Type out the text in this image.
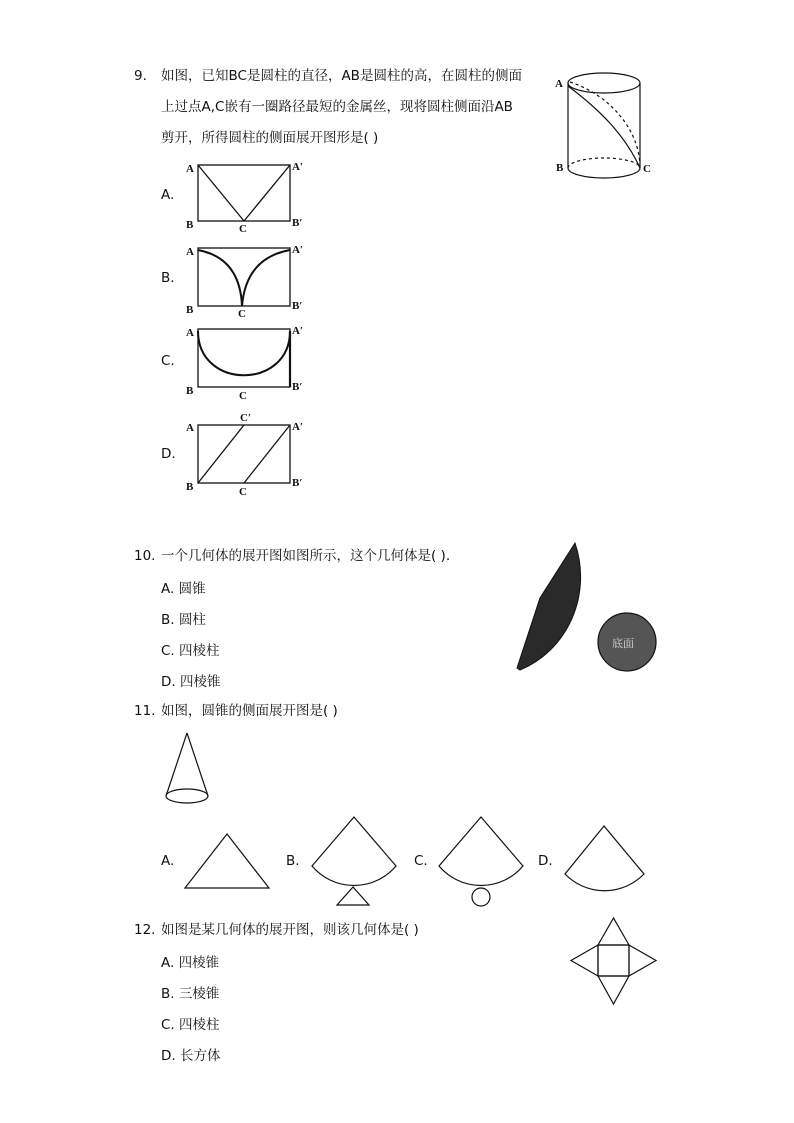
9. 如图，已知BC是圆柱的直径，AB是圆柱的高，在圆柱的侧面
上过点A,C嵌有一圈路径最短的金属丝，现将圆柱侧面沿AB
剪开，所得圆柱的侧面展开图形是( )
A
B	C
A.
A	A′
B	C	B′
B.
A	A′
B	C
B′
C.
A	A′
B	C
B′
D.
C′
A	A′
B	C
B′
10. 一个几何体的展开图如图所示，这个几何体是( ).
A. 圆锥
B. 圆柱
C. 四棱柱
D. 四棱锥
底面
11. 如图，圆锥的侧面展开图是( )
A.	B.	C.	D.
12. 如图是某几何体的展开图，则该几何体是( )
A. 四棱锥
B. 三棱锥
C. 四棱柱
D. 长方体
